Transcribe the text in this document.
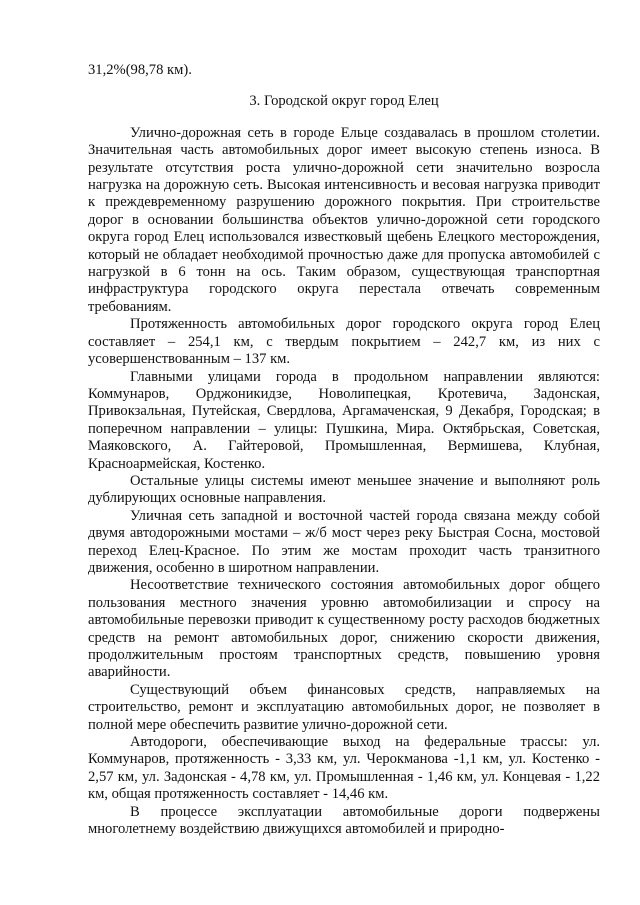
31,2%(98,78 км).

3. Городской округ город Елец

Улично-дорожная сеть в городе Ельце создавалась в прошлом столетии. Значительная часть автомобильных дорог имеет высокую степень износа. В результате отсутствия роста улично-дорожной сети значительно возросла нагрузка на дорожную сеть. Высокая интенсивность и весовая нагрузка приводит к преждевременному разрушению дорожного покрытия. При строительстве дорог в основании большинства объектов улично-дорожной сети городского округа город Елец использовался известковый щебень Елецкого месторождения, который не обладает необходимой прочностью даже для пропуска автомобилей с нагрузкой в 6 тонн на ось. Таким образом, существующая транспортная инфраструктура городского округа перестала отвечать современным требованиям.

Протяженность автомобильных дорог городского округа город Елец составляет – 254,1 км, с твердым покрытием – 242,7 км, из них с усовершенствованным – 137 км.

Главными улицами города в продольном направлении являются: Коммунаров, Орджоникидзе, Новолипецкая, Кротевича, Задонская, Привокзальная, Путейская, Свердлова, Аргамаченская, 9 Декабря, Городская; в поперечном направлении – улицы: Пушкина, Мира. Октябрьская, Советская, Маяковского, А. Гайтеровой, Промышленная, Вермишева, Клубная, Красноармейская, Костенко.

Остальные улицы системы имеют меньшее значение и выполняют роль дублирующих основные направления.

Уличная сеть западной и восточной частей города связана между собой двумя автодорожными мостами – ж/б мост через реку Быстрая Сосна, мостовой переход Елец-Красное. По этим же мостам проходит часть транзитного движения, особенно в широтном направлении.

Несоответствие технического состояния автомобильных дорог общего пользования местного значения уровню автомобилизации и спросу на автомобильные перевозки приводит к существенному росту расходов бюджетных средств на ремонт автомобильных дорог, снижению скорости движения, продолжительным простоям транспортных средств, повышению уровня аварийности.

Существующий объем финансовых средств, направляемых на строительство, ремонт и эксплуатацию автомобильных дорог, не позволяет в полной мере обеспечить развитие улично-дорожной сети.

Автодороги, обеспечивающие выход на федеральные трассы: ул. Коммунаров, протяженность - 3,33 км, ул. Черокманова -1,1 км, ул. Костенко - 2,57 км, ул. Задонская - 4,78 км, ул. Промышленная - 1,46 км, ул. Концевая - 1,22 км, общая протяженность составляет - 14,46 км.

В процессе эксплуатации автомобильные дороги подвержены многолетнему воздействию движущихся автомобилей и природно-
